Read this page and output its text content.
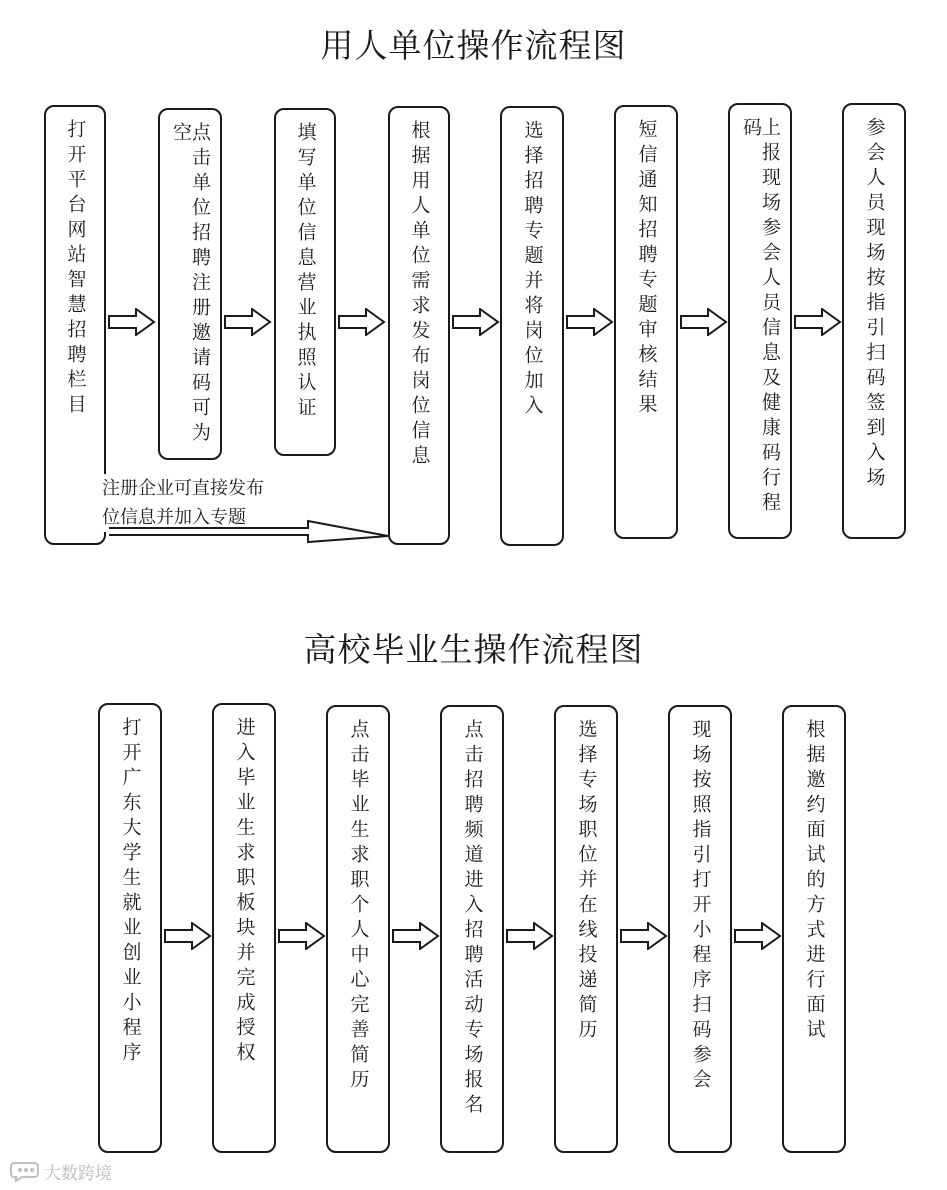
用人单位操作流程图
打开平台网站智慧招聘栏目	点击单位招聘注册邀请码可为空	填写单位信息营业执照认证	根据用人单位需求发布岗位信息	选择招聘专题并将岗位加入	短信通知招聘专题审核结果	上报现场参会人员信息及健康码行程码	参会人员现场按指引扫码签到入场
注册企业可直接发布
位信息并加入专题
高校毕业生操作流程图
打开广东大学生就业创业小程序	进入毕业生求职板块并完成授权	点击毕业生求职个人中心完善简历	点击招聘频道进入招聘活动专场报名	选择专场职位并在线投递简历	现场按照指引打开小程序扫码参会	根据邀约面试的方式进行面试
大数跨境
